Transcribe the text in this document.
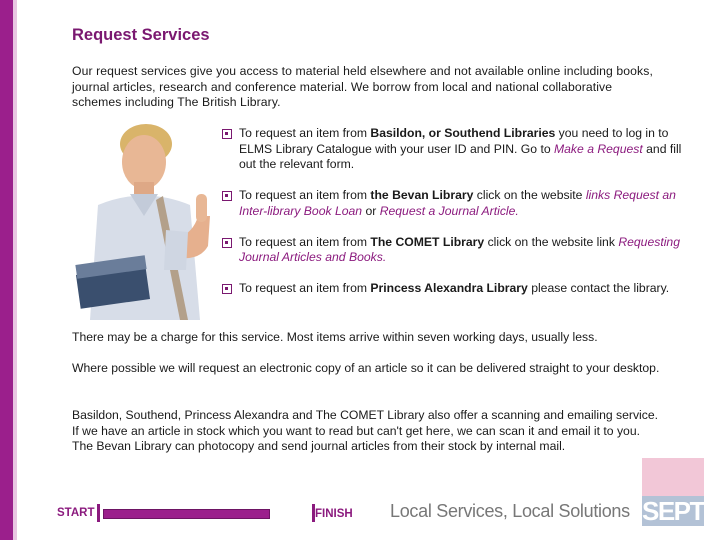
Request Services

Our request services give you access to material held elsewhere and not available online including books, journal articles, research and conference material. We borrow from local and national collaborative schemes including The British Library.

To request an item from Basildon, or Southend Libraries you need to log in to ELMS Library Catalogue with your user ID and PIN. Go to Make a Request and fill out the relevant form.
To request an item from the Bevan Library click on the website links Request an Inter-library Book Loan or Request a Journal Article.
To request an item from The COMET Library click on the website link Requesting Journal Articles and Books.
To request an item from Princess Alexandra Library please contact the library.

There may be a charge for this service. Most items arrive within seven working days, usually less.

Where possible we will request an electronic copy of an article so it can be delivered straight to your desktop.

Basildon, Southend, Princess Alexandra and The COMET Library also offer a scanning and emailing service. If we have an article in stock which you want to read but can't get here, we can scan it and email it to you. The Bevan Library can photocopy and send journal articles from their stock by internal mail.

START	FINISH Local Services, Local Solutions SEPT
